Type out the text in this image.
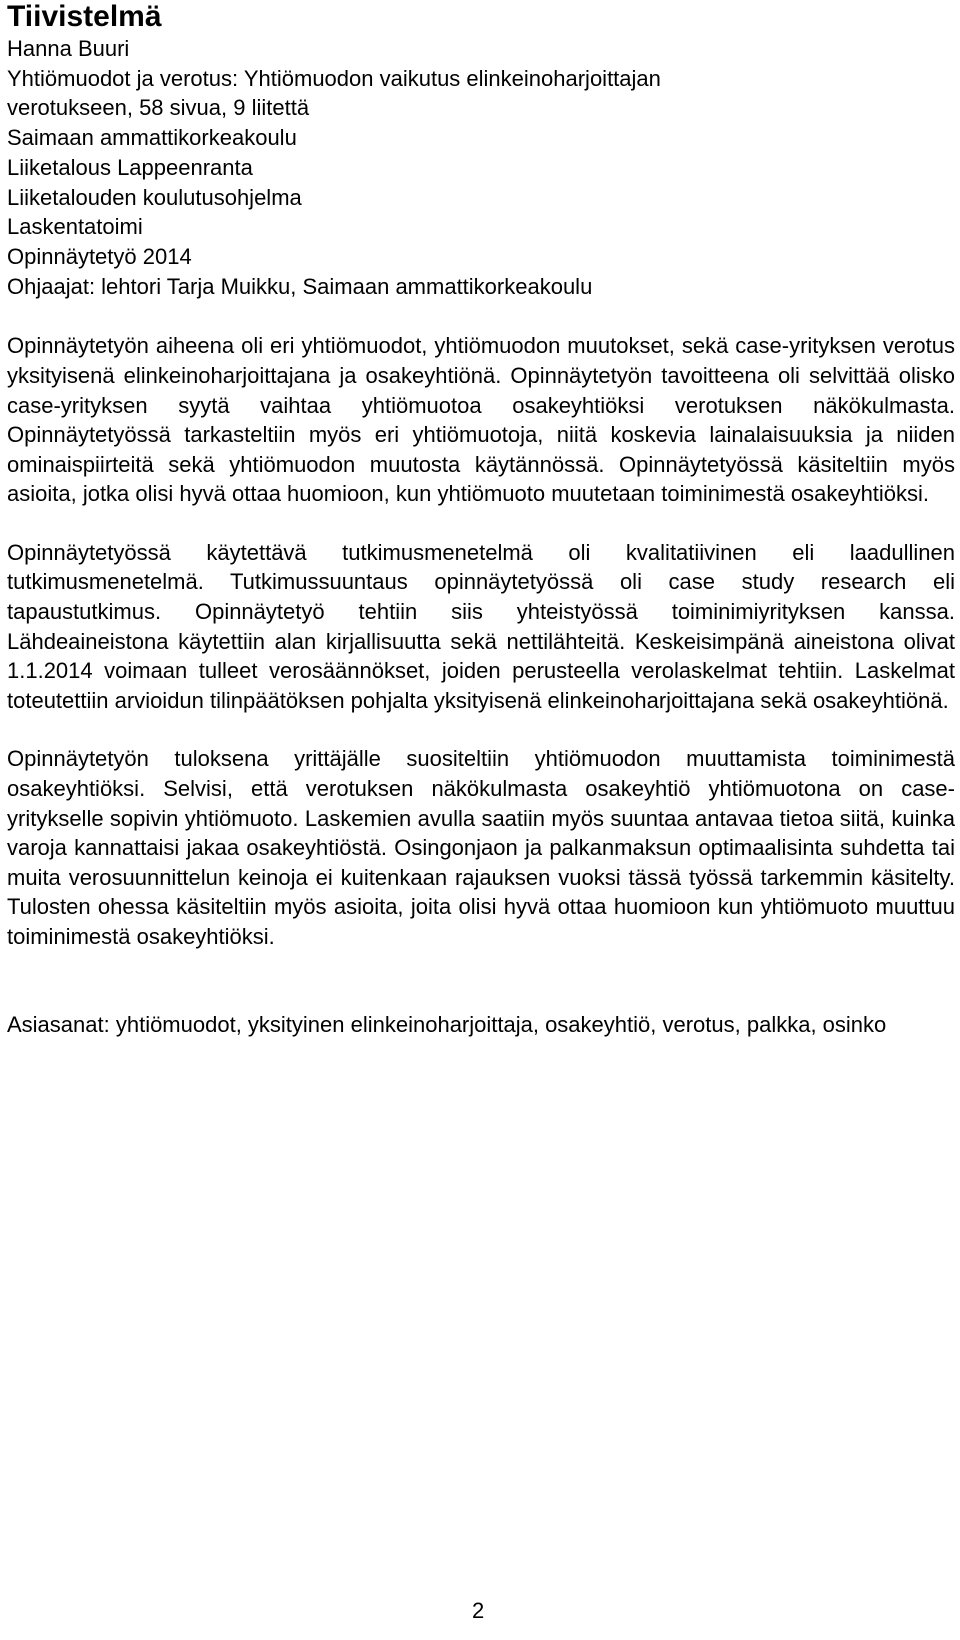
Tiivistelmä
Hanna Buuri
Yhtiömuodot ja verotus: Yhtiömuodon vaikutus elinkeinoharjoittajan
verotukseen, 58 sivua, 9 liitettä
Saimaan ammattikorkeakoulu
Liiketalous Lappeenranta
Liiketalouden koulutusohjelma
Laskentatoimi
Opinnäytetyö 2014
Ohjaajat: lehtori Tarja Muikku, Saimaan ammattikorkeakoulu

Opinnäytetyön aiheena oli eri yhtiömuodot, yhtiömuodon muutokset, sekä case-yrityksen verotus yksityisenä elinkeinoharjoittajana ja osakeyhtiönä. Opinnäytetyön tavoitteena oli selvittää olisko case-yrityksen syytä vaihtaa yhtiömuotoa osakeyhtiöksi verotuksen näkökulmasta. Opinnäytetyössä tarkasteltiin myös eri yhtiömuotoja, niitä koskevia lainalaisuuksia ja niiden ominaispiirteitä sekä yhtiömuodon muutosta käytännössä. Opinnäytetyössä käsiteltiin myös asioita, jotka olisi hyvä ottaa huomioon, kun yhtiömuoto muutetaan toiminimestä osakeyhtiöksi.

Opinnäytetyössä käytettävä tutkimusmenetelmä oli kvalitatiivinen eli laadullinen tutkimusmenetelmä. Tutkimussuuntaus opinnäytetyössä oli case study research eli tapaustutkimus. Opinnäytetyö tehtiin siis yhteistyössä toiminimiyrityksen kanssa. Lähdeaineistona käytettiin alan kirjallisuutta sekä nettilähteitä. Keskeisimpänä aineistona olivat 1.1.2014 voimaan tulleet verosäännökset, joiden perusteella verolaskelmat tehtiin. Laskelmat toteutettiin arvioidun tilinpäätöksen pohjalta yksityisenä elinkeinoharjoittajana sekä osakeyhtiönä.

Opinnäytetyön tuloksena yrittäjälle suositeltiin yhtiömuodon muuttamista toiminimestä osakeyhtiöksi. Selvisi, että verotuksen näkökulmasta osakeyhtiö yhtiömuotona on case-yritykselle sopivin yhtiömuoto. Laskemien avulla saatiin myös suuntaa antavaa tietoa siitä, kuinka varoja kannattaisi jakaa osakeyhtiöstä. Osingonjaon ja palkanmaksun optimaalisinta suhdetta tai muita verosuunnittelun keinoja ei kuitenkaan rajauksen vuoksi tässä työssä tarkemmin käsitelty. Tulosten ohessa käsiteltiin myös asioita, joita olisi hyvä ottaa huomioon kun yhtiömuoto muuttuu toiminimestä osakeyhtiöksi.

Asiasanat: yhtiömuodot, yksityinen elinkeinoharjoittaja, osakeyhtiö, verotus, palkka, osinko

2
